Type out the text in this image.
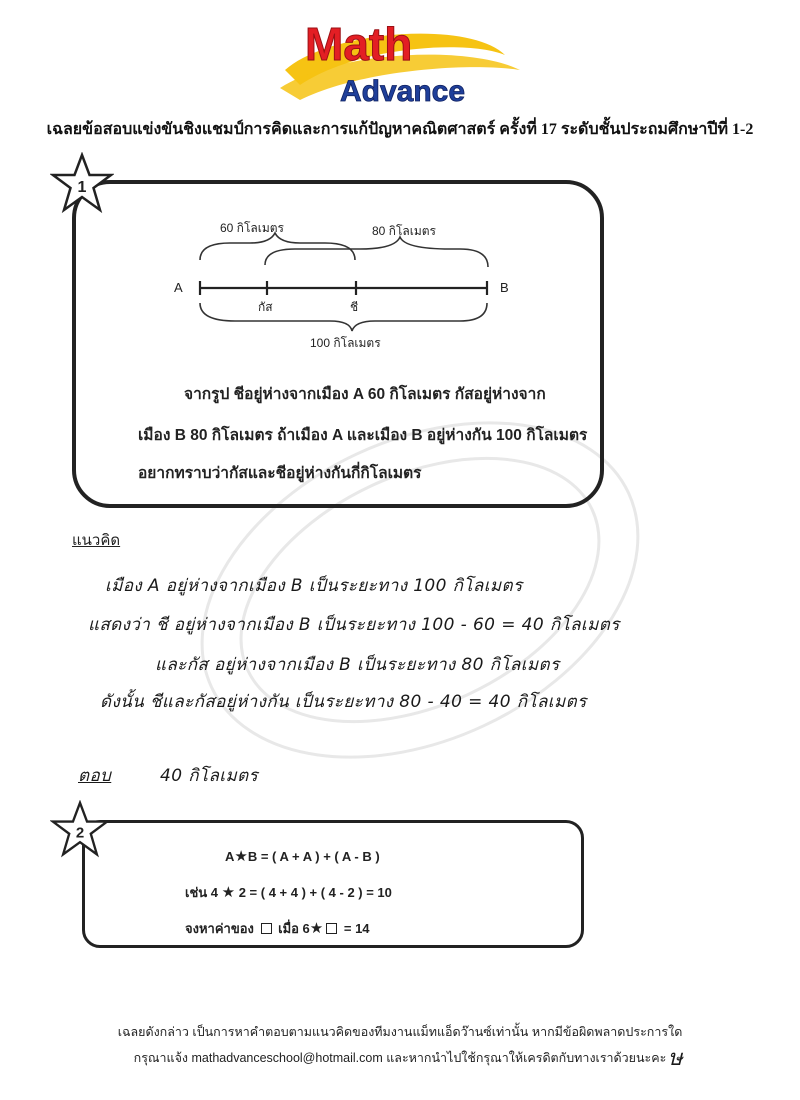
Math
Advance
เฉลยข้อสอบแข่งขันชิงแชมป์การคิดและการแก้ปัญหาคณิตศาสตร์ ครั้งที่ 17 ระดับชั้นประถมศึกษาปีที่ 1-2
1
60 กิโลเมตร	80 กิโลเมตร
A	B
กัส	ชี
100 กิโลเมตร
จากรูป ชีอยู่ห่างจากเมือง A 60 กิโลเมตร กัสอยู่ห่างจาก
เมือง B 80 กิโลเมตร ถ้าเมือง A และเมือง B อยู่ห่างกัน 100 กิโลเมตร
อยากทราบว่ากัสและชีอยู่ห่างกันกี่กิโลเมตร
แนวคิด
เมือง A อยู่ห่างจากเมือง B เป็นระยะทาง 100 กิโลเมตร
แสดงว่า ชี อยู่ห่างจากเมือง B เป็นระยะทาง 100 - 60 = 40 กิโลเมตร
และกัส อยู่ห่างจากเมือง B เป็นระยะทาง 80 กิโลเมตร
ดังนั้น ชีและกัสอยู่ห่างกัน เป็นระยะทาง 80 - 40 = 40 กิโลเมตร
ตอบ	40 กิโลเมตร
2
A★B = ( A + A ) + ( A - B )
เช่น 4 ★ 2 = ( 4 + 4 ) + ( 4 - 2 ) = 10
จงหาค่าของ เมื่อ 6★ = 14
เฉลยดังกล่าว เป็นการหาคำตอบตามแนวคิดของทีมงานแม็ทแอ็ดว๊านซ์เท่านั้น หากมีข้อผิดพลาดประการใด
กรุณาแจ้ง mathadvanceschool@hotmail.com และหากนำไปใช้กรุณาให้เครดิตกับทางเราด้วยนะคะ ษ
